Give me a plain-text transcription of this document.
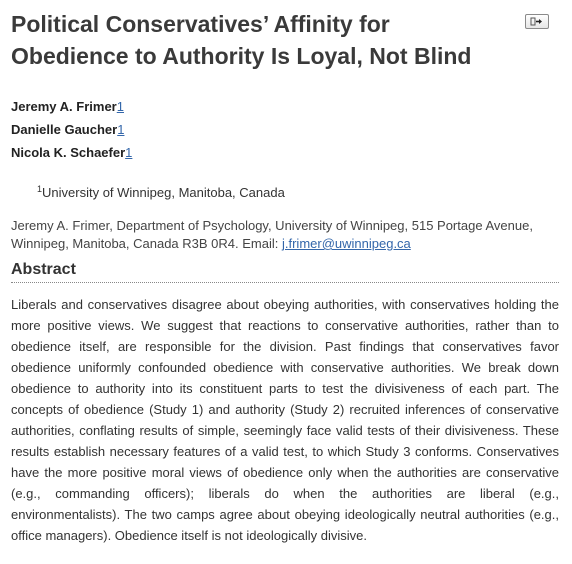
Political Conservatives’ Affinity for Obedience to Authority Is Loyal, Not Blind
Jeremy A. Frimer1
Danielle Gaucher1
Nicola K. Schaefer1
$^1$University of Winnipeg, Manitoba, Canada
Jeremy A. Frimer, Department of Psychology, University of Winnipeg, 515 Portage Avenue, Winnipeg, Manitoba, Canada R3B 0R4. Email: j.frimer@uwinnipeg.ca
Abstract

Liberals and conservatives disagree about obeying authorities, with conservatives holding the more positive views. We suggest that reactions to conservative authorities, rather than to obedience itself, are responsible for the division. Past findings that conservatives favor obedience uniformly confounded obedience with conservative authorities. We break down obedience to authority into its constituent parts to test the divisiveness of each part. The concepts of obedience (Study 1) and authority (Study 2) recruited inferences of conservative authorities, conflating results of simple, seemingly face valid tests of their divisiveness. These results establish necessary features of a valid test, to which Study 3 conforms. Conservatives have the more positive moral views of obedience only when the authorities are conservative (e.g., commanding officers); liberals do when the authorities are liberal (e.g., environmentalists). The two camps agree about obeying ideologically neutral authorities (e.g., office managers). Obedience itself is not ideologically divisive.
